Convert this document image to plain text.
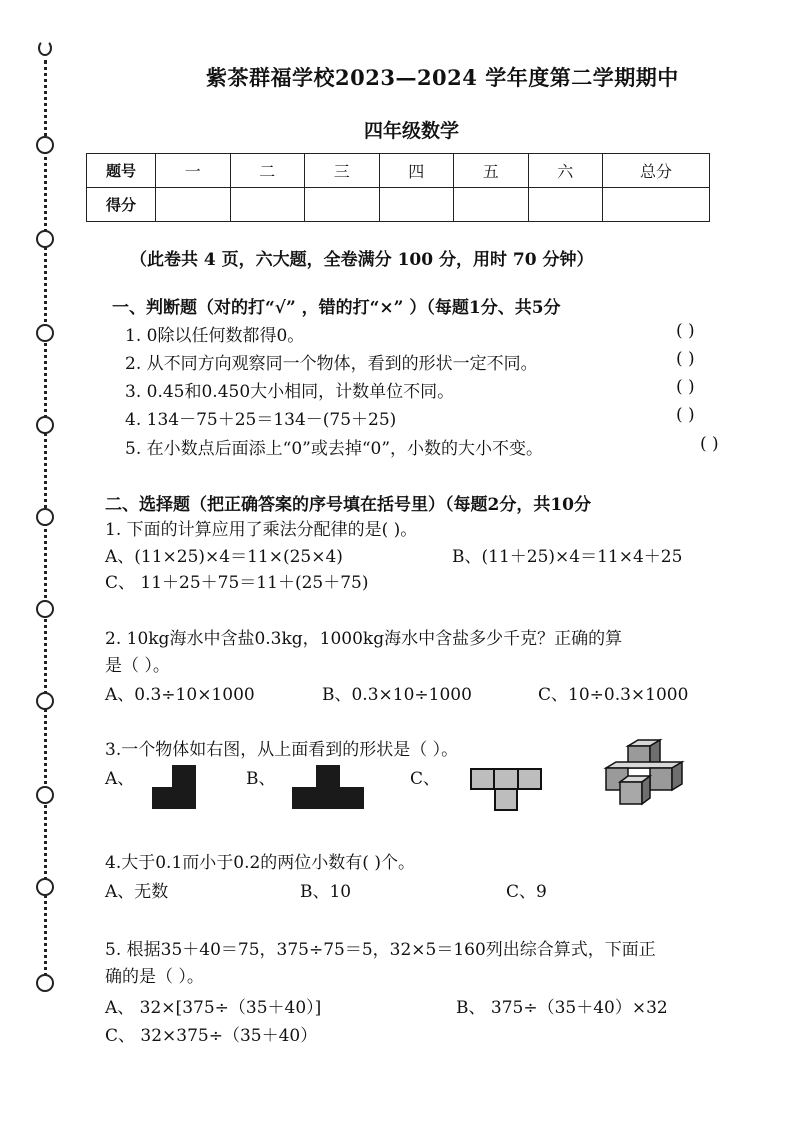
紫茶群福学校2023—2024 学年度第二学期期中
四年级数学
题号	一	二	三	四	五	六	总分
得分							
（此卷共 4 页，六大题，全卷满分 100 分，用时 70 分钟）
一、判断题（对的打“√” ，错的打“×” ）（每题1分、共5分
1. 0除以任何数都得0。	( )
2. 从不同方向观察同一个物体，看到的形状一定不同。	( )
3. 0.45和0.450大小相同，计数单位不同。	( )
4. 134－75＋25＝134－(75＋25)	( )
5. 在小数点后面添上“0”或去掉“0”，小数的大小不变。	( )
二、选择题（把正确答案的序号填在括号里）（每题2分，共10分
1. 下面的计算应用了乘法分配律的是( )。
A、(11×25)×4＝11×(25×4)	B、(11＋25)×4＝11×4＋25
C、 11＋25＋75＝11＋(25＋75)
2. 10kg海水中含盐0.3kg，1000kg海水中含盐多少千克？正确的算
是（ ）。
A、0.3÷10×1000	B、0.3×10÷1000	C、10÷0.3×1000
3.一个物体如右图，从上面看到的形状是（ ）。
A、	B、	C、
4.大于0.1而小于0.2的两位小数有( )个。
A、无数	B、10	C、9
5. 根据35＋40＝75，375÷75＝5，32×5＝160列出综合算式，下面正
确的是（ ）。
A、 32×[375÷（35＋40）]	B、 375÷（35＋40）×32
C、 32×375÷（35＋40）
